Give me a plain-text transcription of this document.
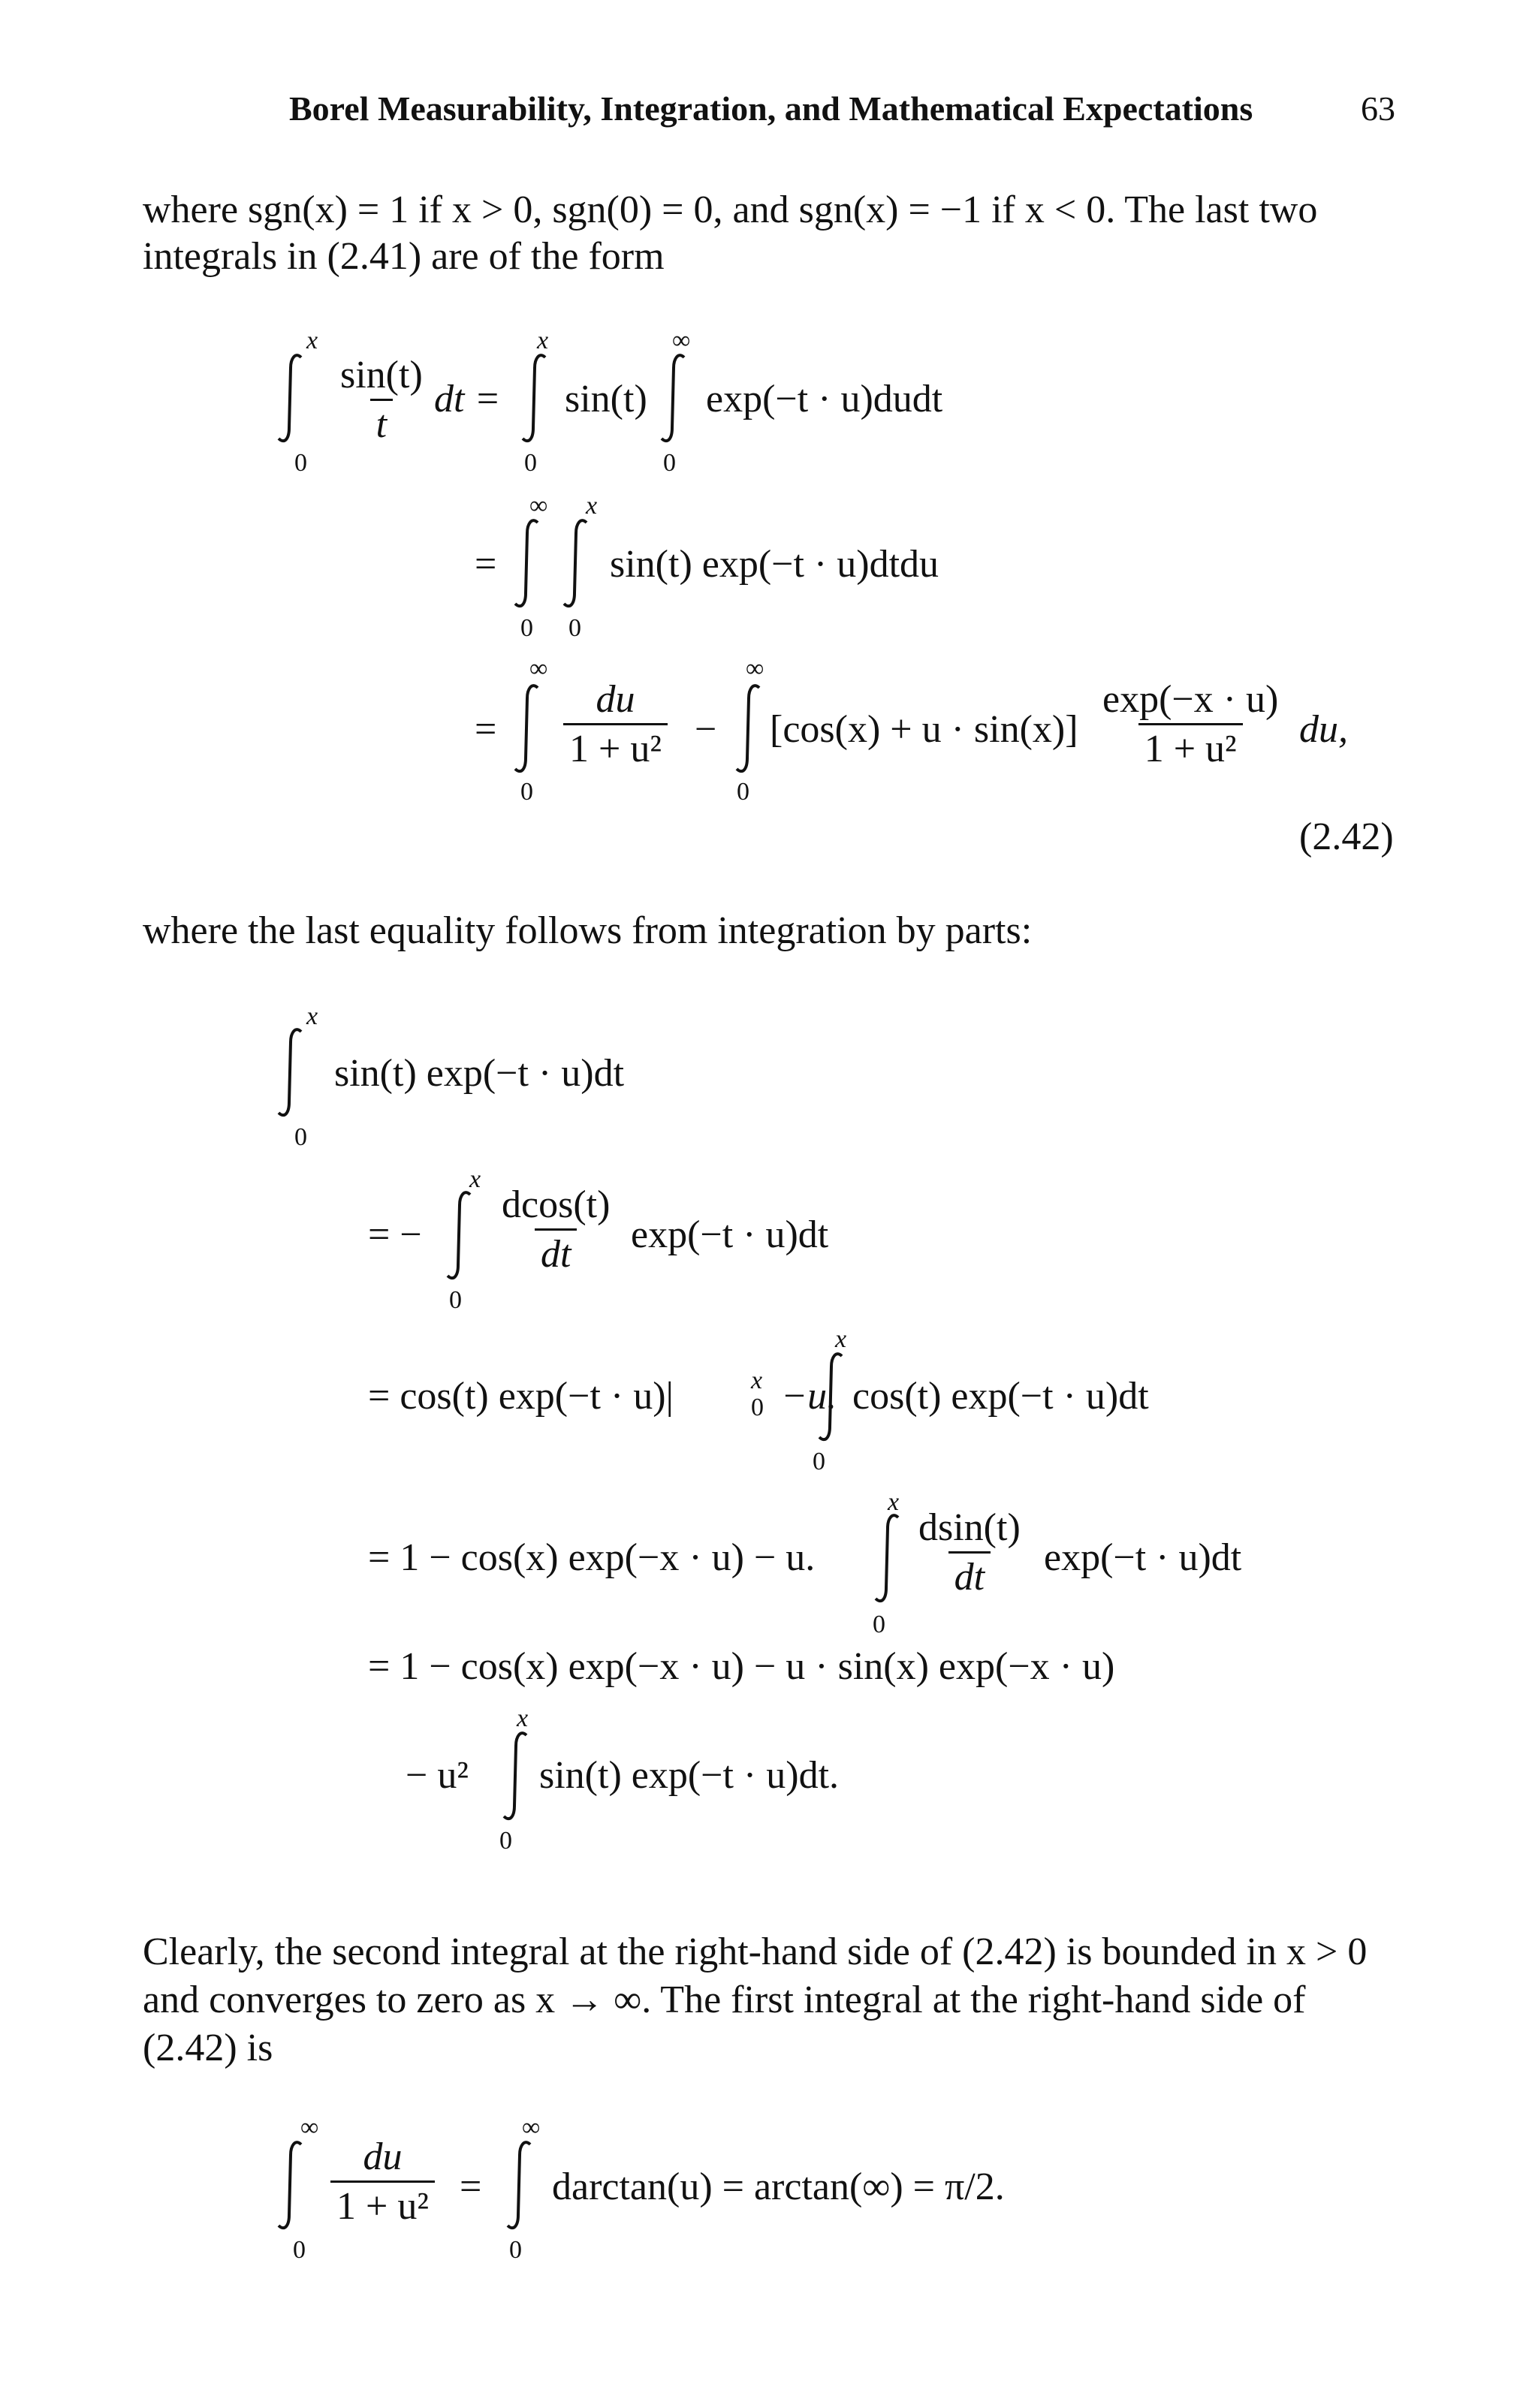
Borel Measurability, Integration, and Mathematical Expectations	63
where sgn(x) = 1 if x > 0, sgn(0) = 0, and sgn(x) = −1 if x < 0. The last two
integrals in (2.41) are of the form
x
0
$\frac{\sin(t)}{t}$ dt =
x
0
sin(t)
∞
0
exp(−t · u)dudt
=
∞ x
0 0
sin(t) exp(−t · u)dtdu
=
∞
0
$\frac{du}{\text{1 + u²}}$ −
∞
0
$[\cos(x) + u \cdot \sin(x)] \frac{\exp(-x \cdot u)}{\text{1 + u²}}$ du,
(2.42)
where the last equality follows from integration by parts:
x
0
sin(t) exp(−t · u)dt
= −
x
0
$\frac{dcos(t)}{dt} \exp(-t \cdot u)dt$
= cos(t) exp(−t · u)|	x
0 −u.
x
0
cos(t) exp(−t · u)dt
= 1 − cos(x) exp(−x · u) − u.
x
0
$\frac{dsin(t)}{dt} \exp(-t \cdot u)dt$
= 1 − cos(x) exp(−x · u) − u · sin(x) exp(−x · u)
− u²
x
0
sin(t) exp(−t · u)dt.
Clearly, the second integral at the right-hand side of (2.42) is bounded in x > 0
and converges to zero as x → ∞. The first integral at the right-hand side of
(2.42) is
∞
0
$\frac{du}{\text{1 + u²}}$ =
∞
0
darctan(u) = arctan(∞) = π/2.
